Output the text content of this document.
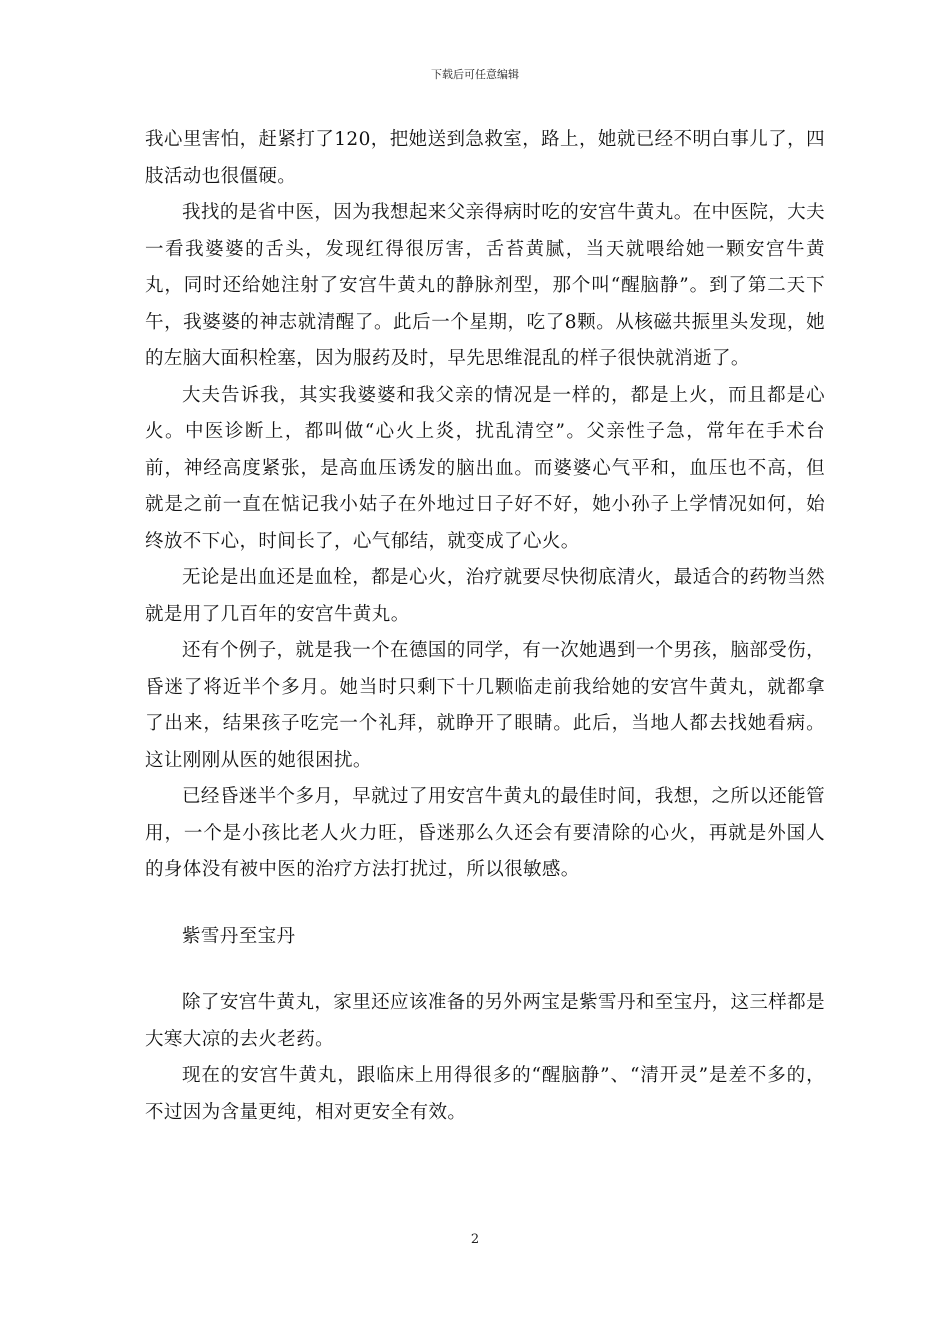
下载后可任意编辑

我心里害怕，赶紧打了120，把她送到急救室，路上，她就已经不明白事儿了，四肢活动也很僵硬。

我找的是省中医，因为我想起来父亲得病时吃的安宫牛黄丸。在中医院，大夫一看我婆婆的舌头，发现红得很厉害，舌苔黄腻，当天就喂给她一颗安宫牛黄丸，同时还给她注射了安宫牛黄丸的静脉剂型，那个叫“醒脑静”。到了第二天下午，我婆婆的神志就清醒了。此后一个星期，吃了8颗。从核磁共振里头发现，她的左脑大面积栓塞，因为服药及时，早先思维混乱的样子很快就消逝了。

大夫告诉我，其实我婆婆和我父亲的情况是一样的，都是上火，而且都是心火。中医诊断上，都叫做“心火上炎，扰乱清空”。父亲性子急，常年在手术台前，神经高度紧张，是高血压诱发的脑出血。而婆婆心气平和，血压也不高，但就是之前一直在惦记我小姑子在外地过日子好不好，她小孙子上学情况如何，始终放不下心，时间长了，心气郁结，就变成了心火。

无论是出血还是血栓，都是心火，治疗就要尽快彻底清火，最适合的药物当然就是用了几百年的安宫牛黄丸。

还有个例子，就是我一个在德国的同学，有一次她遇到一个男孩，脑部受伤，昏迷了将近半个多月。她当时只剩下十几颗临走前我给她的安宫牛黄丸，就都拿了出来，结果孩子吃完一个礼拜，就睁开了眼睛。此后，当地人都去找她看病。这让刚刚从医的她很困扰。

已经昏迷半个多月，早就过了用安宫牛黄丸的最佳时间，我想，之所以还能管用，一个是小孩比老人火力旺，昏迷那么久还会有要清除的心火，再就是外国人的身体没有被中医的治疗方法打扰过，所以很敏感。

紫雪丹至宝丹

除了安宫牛黄丸，家里还应该准备的另外两宝是紫雪丹和至宝丹，这三样都是大寒大凉的去火老药。

现在的安宫牛黄丸，跟临床上用得很多的“醒脑静”、“清开灵”是差不多的，不过因为含量更纯，相对更安全有效。

2
